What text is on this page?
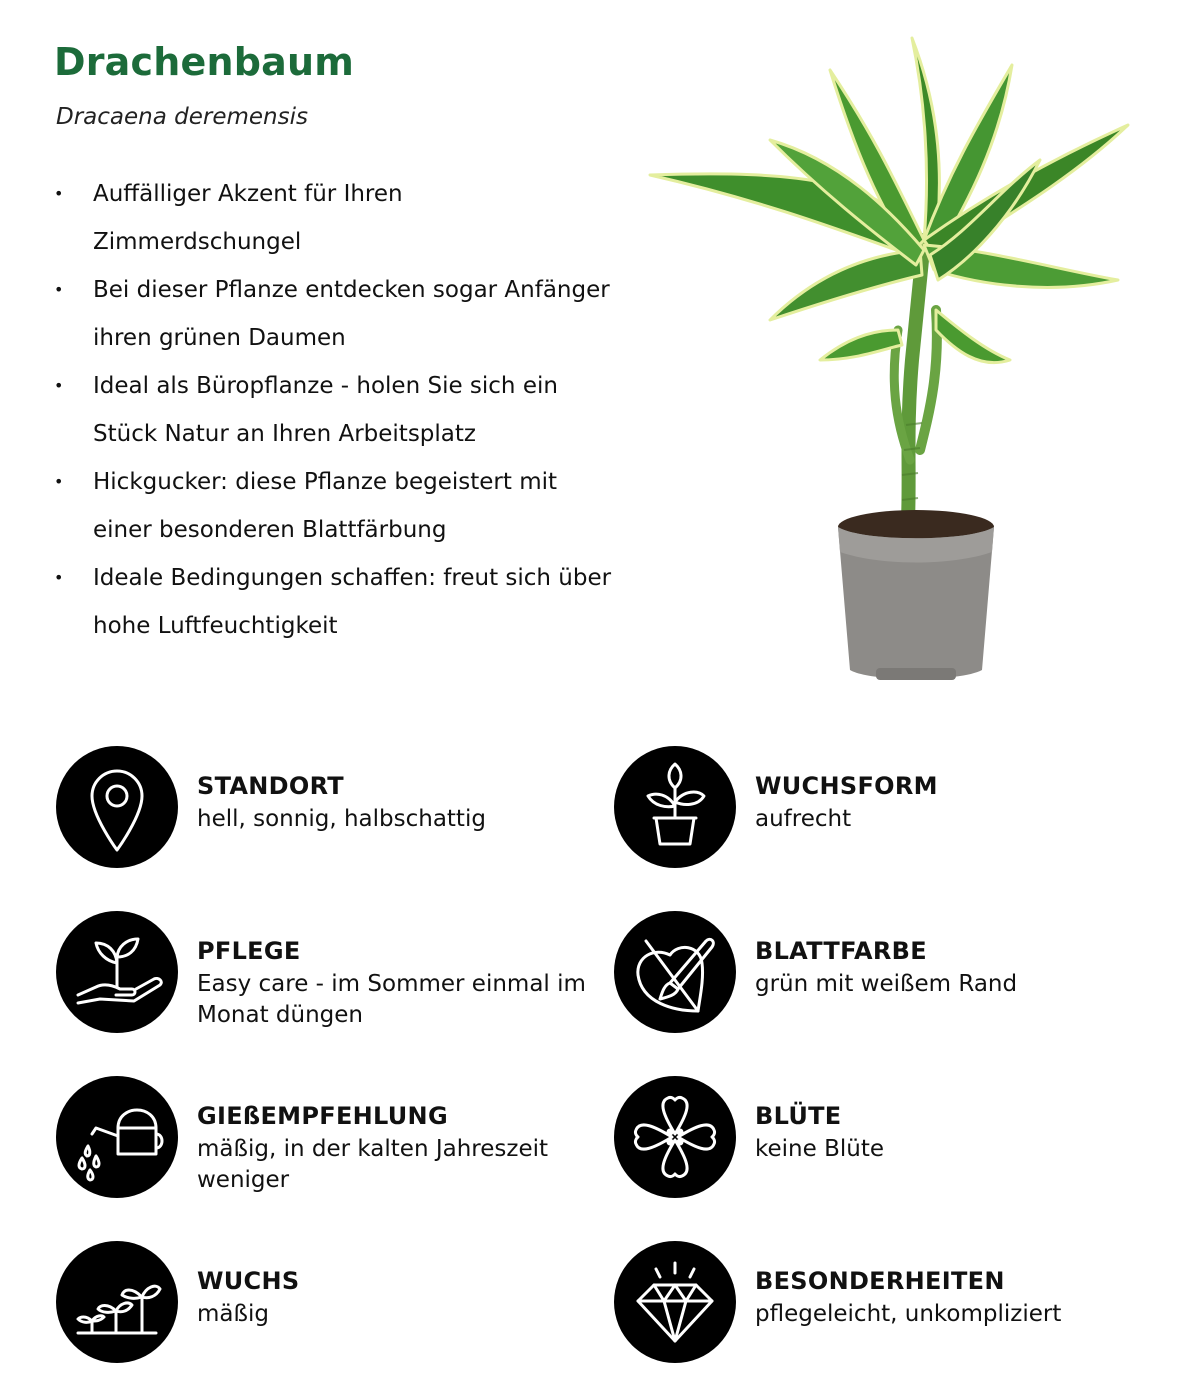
Drachenbaum

Dracaena deremensis

• Auffälliger Akzent für Ihren Zimmerdschungel
• Bei dieser Pflanze entdecken sogar Anfänger ihren grünen Daumen
• Ideal als Büropflanze - holen Sie sich ein Stück Natur an Ihren Arbeitsplatz
• Hickgucker: diese Pflanze begeistert mit einer besonderen Blattfärbung
• Ideale Bedingungen schaffen: freut sich über hohe Luftfeuchtigkeit
STANDORT
hell, sonnig, halbschattig
WUCHSFORM
aufrecht
PFLEGE
Easy care - im Sommer einmal im Monat düngen
BLATTFARBE
grün mit weißem Rand
GIEßEMPFEHLUNG
mäßig, in der kalten Jahreszeit weniger
BLÜTE
keine Blüte
WUCHS
mäßig
BESONDERHEITEN
pflegeleicht, unkompliziert
